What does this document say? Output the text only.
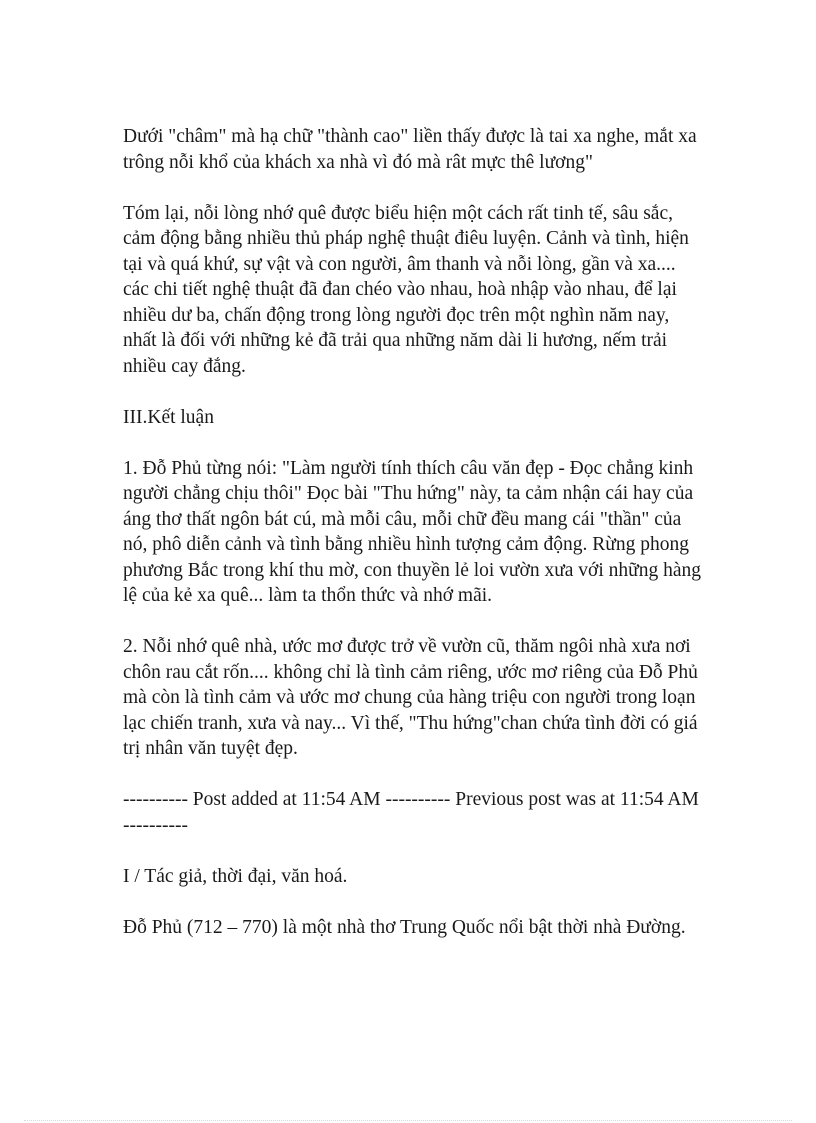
Dưới "châm" mà hạ chữ "thành cao" liền thấy được là tai xa nghe, mắt xa trông nỗi khổ của khách xa nhà vì đó mà rât mực thê lương"

Tóm lại, nỗi lòng nhớ quê được biểu hiện một cách rất tinh tế, sâu sắc, cảm động bằng nhiều thủ pháp nghệ thuật điêu luyện. Cảnh và tình, hiện tại và quá khứ, sự vật và con người, âm thanh và nỗi lòng, gần và xa.... các chi tiết nghệ thuật đã đan chéo vào nhau, hoà nhập vào nhau, để lại nhiều dư ba, chấn động trong lòng người đọc trên một nghìn năm nay, nhất là đối với những kẻ đã trải qua những năm dài li hương, nếm trải nhiều cay đắng.

III.Kết luận

1. Đỗ Phủ từng nói: "Làm người tính thích câu văn đẹp - Đọc chẳng kinh người chẳng chịu thôi" Đọc bài "Thu hứng" này, ta cảm nhận cái hay của áng thơ thất ngôn bát cú, mà mỗi câu, mỗi chữ đều mang cái "thần" của nó, phô diễn cảnh và tình bằng nhiều hình tượng cảm động. Rừng phong phương Bắc trong khí thu mờ, con thuyền lẻ loi vườn xưa với những hàng lệ của kẻ xa quê... làm ta thổn thức và nhớ mãi.

2. Nỗi nhớ quê nhà, ước mơ được trở về vườn cũ, thăm ngôi nhà xưa nơi chôn rau cắt rốn.... không chỉ là tình cảm riêng, ước mơ riêng của Đỗ Phủ mà còn là tình cảm và ước mơ chung của hàng triệu con người trong loạn lạc chiến tranh, xưa và nay... Vì thế, "Thu hứng"chan chứa tình đời có giá trị nhân văn tuyệt đẹp.

---------- Post added at 11:54 AM ---------- Previous post was at 11:54 AM ----------

I / Tác giả, thời đại, văn hoá.

Đỗ Phủ (712 – 770) là một nhà thơ Trung Quốc nổi bật thời nhà Đường.
